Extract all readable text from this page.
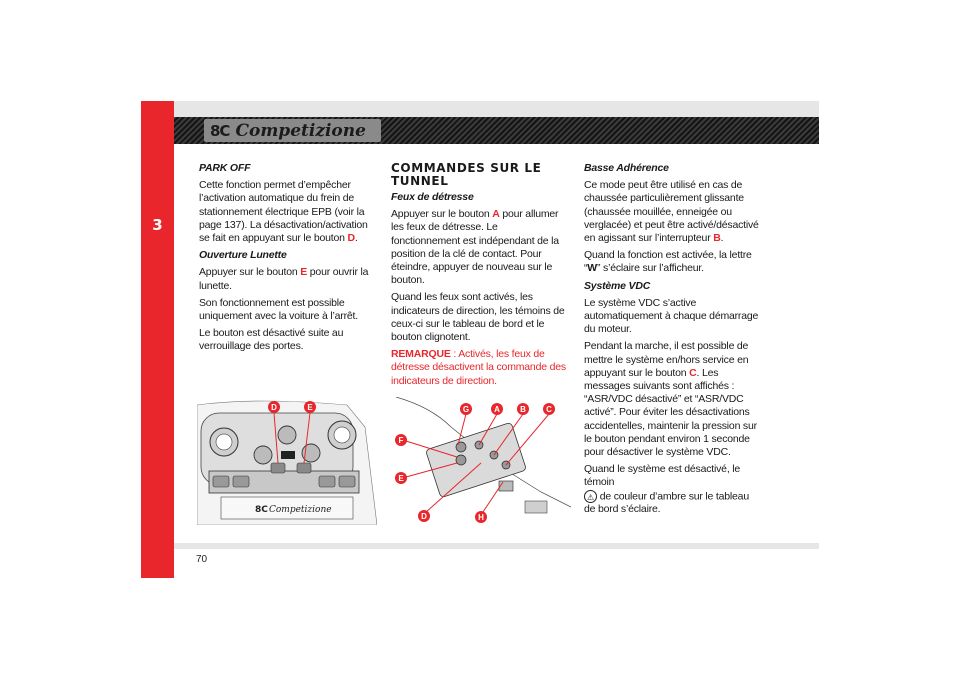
3
8C Competizione

PARK OFF

Cette fonction permet d’empêcher l’activation automatique du frein de stationnement électrique EPB (voir la page 137). La désactivation/activation se fait en appuyant sur le bouton D.

Ouverture Lunette

Appuyer sur le bouton E pour ouvrir la lunette.

Son fonctionnement est possible uniquement avec la voiture à l’arrêt.

Le bouton est désactivé suite au verrouillage des portes.

COMMANDES SUR LE TUNNEL

Feux de détresse

Appuyer sur le bouton A pour allumer les feux de détresse. Le fonctionnement est indépendant de la position de la clé de contact. Pour éteindre, appuyer de nouveau sur le bouton.

Quand les feux sont activés, les indicateurs de direction, les témoins de ceux-ci sur le tableau de bord et le bouton clignotent.

REMARQUE : Activés, les feux de détresse désactivent la commande des indicateurs de direction.

Basse Adhérence

Ce mode peut être utilisé en cas de chaussée particulièrement glissante (chaussée mouillée, enneigée ou verglacée) et peut être activé/désactivé en agissant sur l’interrupteur B.

Quand la fonction est activée, la lettre “W” s’éclaire sur l’afficheur.

Système VDC

Le système VDC s’active automatiquement à chaque démarrage du moteur.

Pendant la marche, il est possible de mettre le système en/hors service en appuyant sur le bouton C. Les messages suivants sont affichés : “ASR/VDC désactivé” et “ASR/VDC activé”. Pour éviter les désactivations accidentelles, maintenir la pression sur le bouton pendant environ 1 seconde pour désactiver le système VDC.

Quand le système est désactivé, le témoin
⚠ de couleur d’ambre sur le tableau de bord s’éclaire.

8C Competizione
D	E	G	A	B	C
F
E
D	H
70
